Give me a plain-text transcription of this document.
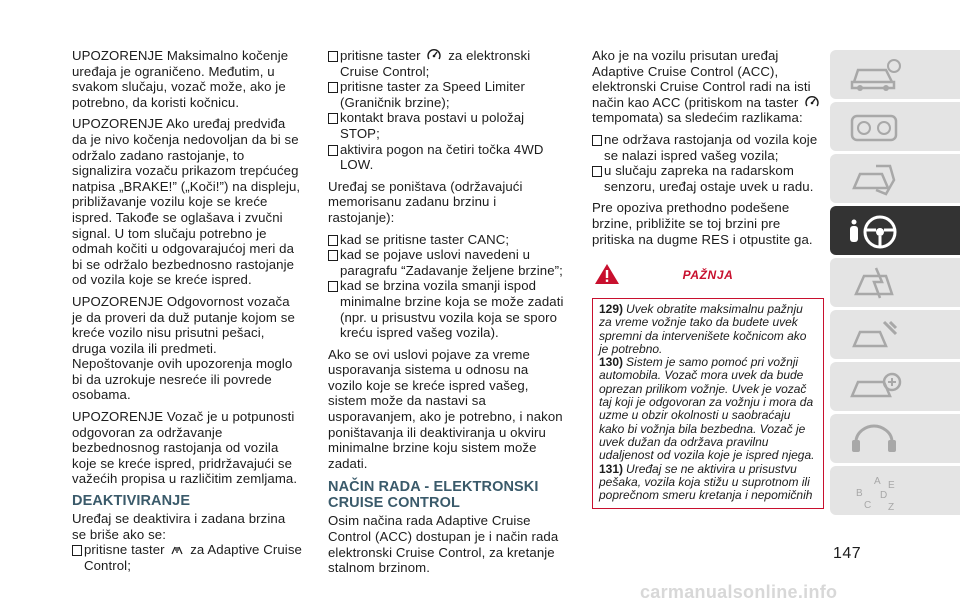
UPOZORENJE Maksimalno kočenje uređaja je ograničeno. Međutim, u svakom slučaju, vozač može, ako je potrebno, da koristi kočnicu.
UPOZORENJE Ako uređaj predviđa da je nivo kočenja nedovoljan da bi se održalo zadano rastojanje, to signalizira vozaču prikazom trepćućeg natpisa „BRAKE!” („Koči!”) na displeju, približavanje vozilu koje se kreće ispred. Takođe se oglašava i zvučni signal. U tom slučaju potrebno je odmah kočiti u odgovarajućoj meri da bi se održalo bezbednosno rastojanje od vozila koje se kreće ispred.
UPOZORENJE Odgovornost vozača je da proveri da duž putanje kojom se kreće vozilo nisu prisutni pešaci, druga vozila ili predmeti. Nepoštovanje ovih upozorenja moglo bi da uzrokuje nesreće ili povrede osobama.
UPOZORENJE Vozač je u potpunosti odgovoran za održavanje bezbednosnog rastojanja od vozila koje se kreće ispred, pridržavajući se važećih propisa u različitim zemljama.
DEAKTIVIRANJE
Uređaj se deaktivira i zadana brzina se briše ako se:
pritisne taster za Adaptive Cruise Control;
pritisne taster za elektronski Cruise Control;
pritisne taster za Speed Limiter (Graničnik brzine);
kontakt brava postavi u položaj STOP;
aktivira pogon na četiri točka 4WD LOW.
Uređaj se poništava (održavajući memorisanu zadanu brzinu i rastojanje):
kad se pritisne taster CANC;
kad se pojave uslovi navedeni u paragrafu “Zadavanje željene brzine”;
kad se brzina vozila smanji ispod minimalne brzine koja se može zadati (npr. u prisustvu vozila koja se sporo kreću ispred vašeg vozila).
Ako se ovi uslovi pojave za vreme usporavanja sistema u odnosu na vozilo koje se kreće ispred vašeg, sistem može da nastavi sa usporavanjem, ako je potrebno, i nakon poništavanja ili deaktiviranja u okviru minimalne brzine koju sistem može zadati.
NAČIN RADA - ELEKTRONSKI CRUISE CONTROL
Osim načina rada Adaptive Cruise Control (ACC) dostupan je i način rada elektronski Cruise Control, za kretanje stalnom brzinom.
Ako je na vozilu prisutan uređaj Adaptive Cruise Control (ACC), elektronski Cruise Control radi na isti način kao ACC (pritiskom na taster  tempomata) sa sledećim razlikama:
ne održava rastojanja od vozila koje se nalazi ispred vašeg vozila;
u slučaju zapreka na radarskom senzoru, uređaj ostaje uvek u radu.
Pre opoziva prethodno podešene brzine, približite se toj brzini pre pritiska na dugme RES i otpustite ga.
PAŽNJA
129) Uvek obratite maksimalnu pažnju za vreme vožnje tako da budete uvek spremni da intervenišete kočnicom ako je potrebno.
130) Sistem je samo pomoć pri vožnji automobila. Vozač mora uvek da bude oprezan prilikom vožnje. Uvek je vozač taj koji je odgovoran za vožnju i mora da uzme u obzir okolnosti u saobraćaju kako bi vožnja bila bezbedna. Vozač je uvek dužan da održava pravilnu udaljenost od vozila koje je ispred njega.
131) Uređaj se ne aktivira u prisustvu pešaka, vozila koja stižu u suprotnom ili poprečnom smeru kretanja i nepomičnih
A E
B D
C Z
147
carmanualsonline.info
